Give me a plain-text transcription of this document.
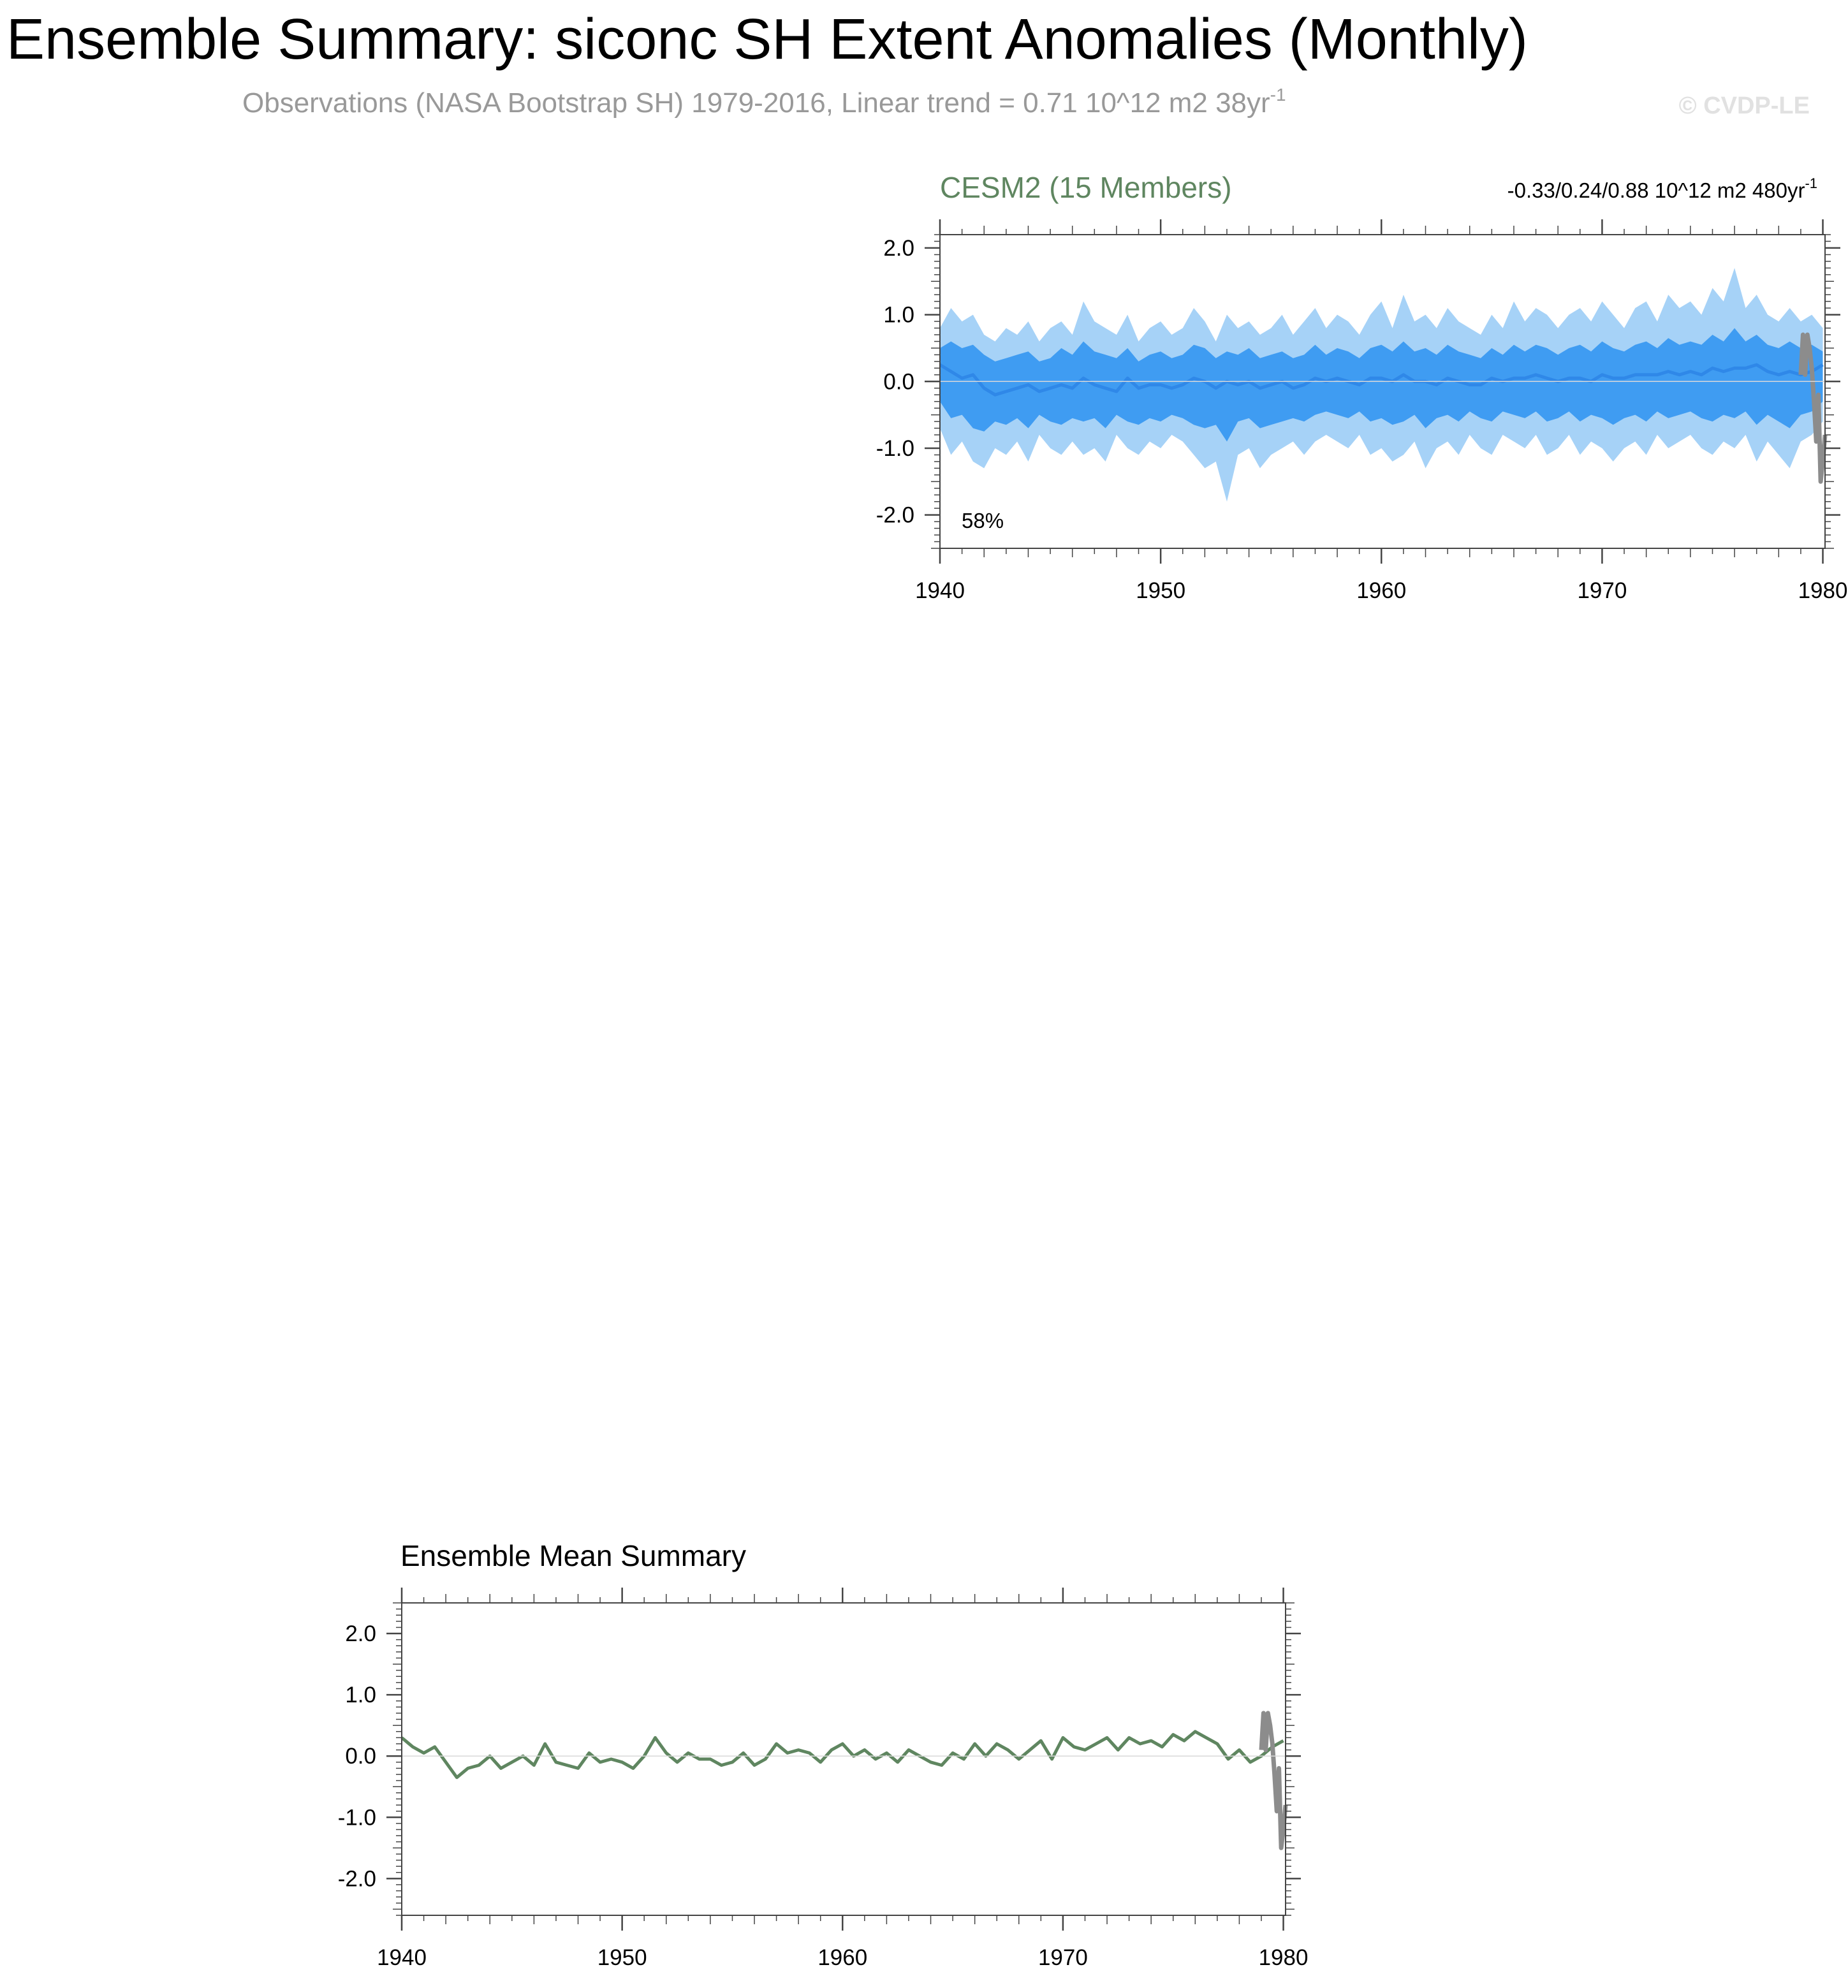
Ensemble Summary: siconc SH Extent Anomalies (Monthly)
Observations (NASA Bootstrap SH) 1979-2016, Linear trend = 0.71 10^12 m2 $38yr^{-1}$	© CVDP-LE
CESM2 (15 Members)	-0.33/0.24/0.88 10^12 m2 $480yr^{-1}$
58%
1940	1950	1960	1970	1980
2.0
1.0
0.0
-1.0
-2.0
Ensemble Mean Summary
1940	1950	1960	1970	1980
2.0
1.0
0.0
-1.0
-2.0
